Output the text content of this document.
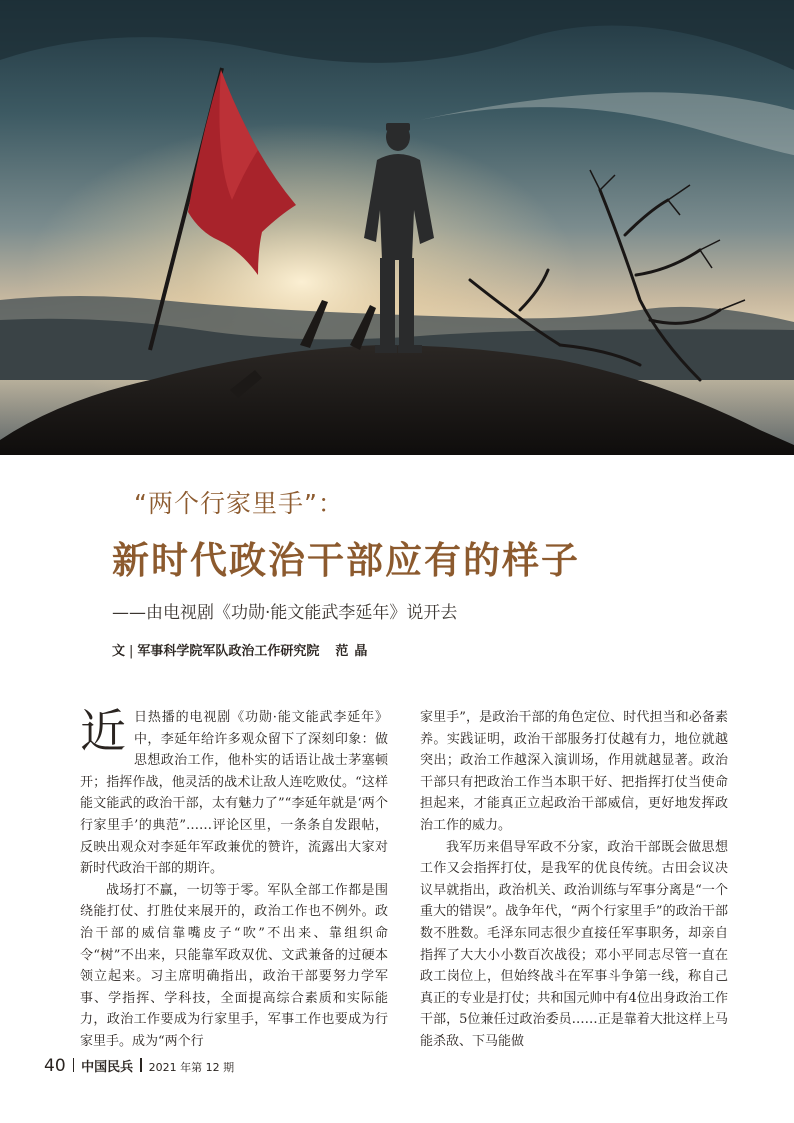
“两个行家里手”：
新时代政治干部应有的样子
——由电视剧《功勋·能文能武李延年》说开去
文 | 军事科学院军队政治工作研究院 范晶

近日热播的电视剧《功勋·能文能武李延年》中，李延年给许多观众留下了深刻印象：做思想政治工作，他朴实的话语让战士茅塞顿开；指挥作战，他灵活的战术让敌人连吃败仗。“这样能文能武的政治干部，太有魅力了”“李延年就是‘两个行家里手’的典范”……评论区里，一条条自发跟帖，反映出观众对李延年军政兼优的赞许，流露出大家对新时代政治干部的期许。

战场打不赢，一切等于零。军队全部工作都是围绕能打仗、打胜仗来展开的，政治工作也不例外。政治干部的威信靠嘴皮子“吹”不出来、靠组织命令“树”不出来，只能靠军政双优、文武兼备的过硬本领立起来。习主席明确指出，政治干部要努力学军事、学指挥、学科技，全面提高综合素质和实际能力，政治工作要成为行家里手，军事工作也要成为行家里手。成为“两个行

家里手”，是政治干部的角色定位、时代担当和必备素养。实践证明，政治干部服务打仗越有力，地位就越突出；政治工作越深入演训场，作用就越显著。政治干部只有把政治工作当本职干好、把指挥打仗当使命担起来，才能真正立起政治干部威信，更好地发挥政治工作的威力。

我军历来倡导军政不分家，政治干部既会做思想工作又会指挥打仗，是我军的优良传统。古田会议决议早就指出，政治机关、政治训练与军事分离是“一个重大的错误”。战争年代，“两个行家里手”的政治干部数不胜数。毛泽东同志很少直接任军事职务，却亲自指挥了大大小小数百次战役；邓小平同志尽管一直在政工岗位上，但始终战斗在军事斗争第一线，称自己真正的专业是打仗；共和国元帅中有4位出身政治工作干部，5位兼任过政治委员……正是靠着大批这样上马能杀敌、下马能做

40 中国民兵 2021 年第 12 期
